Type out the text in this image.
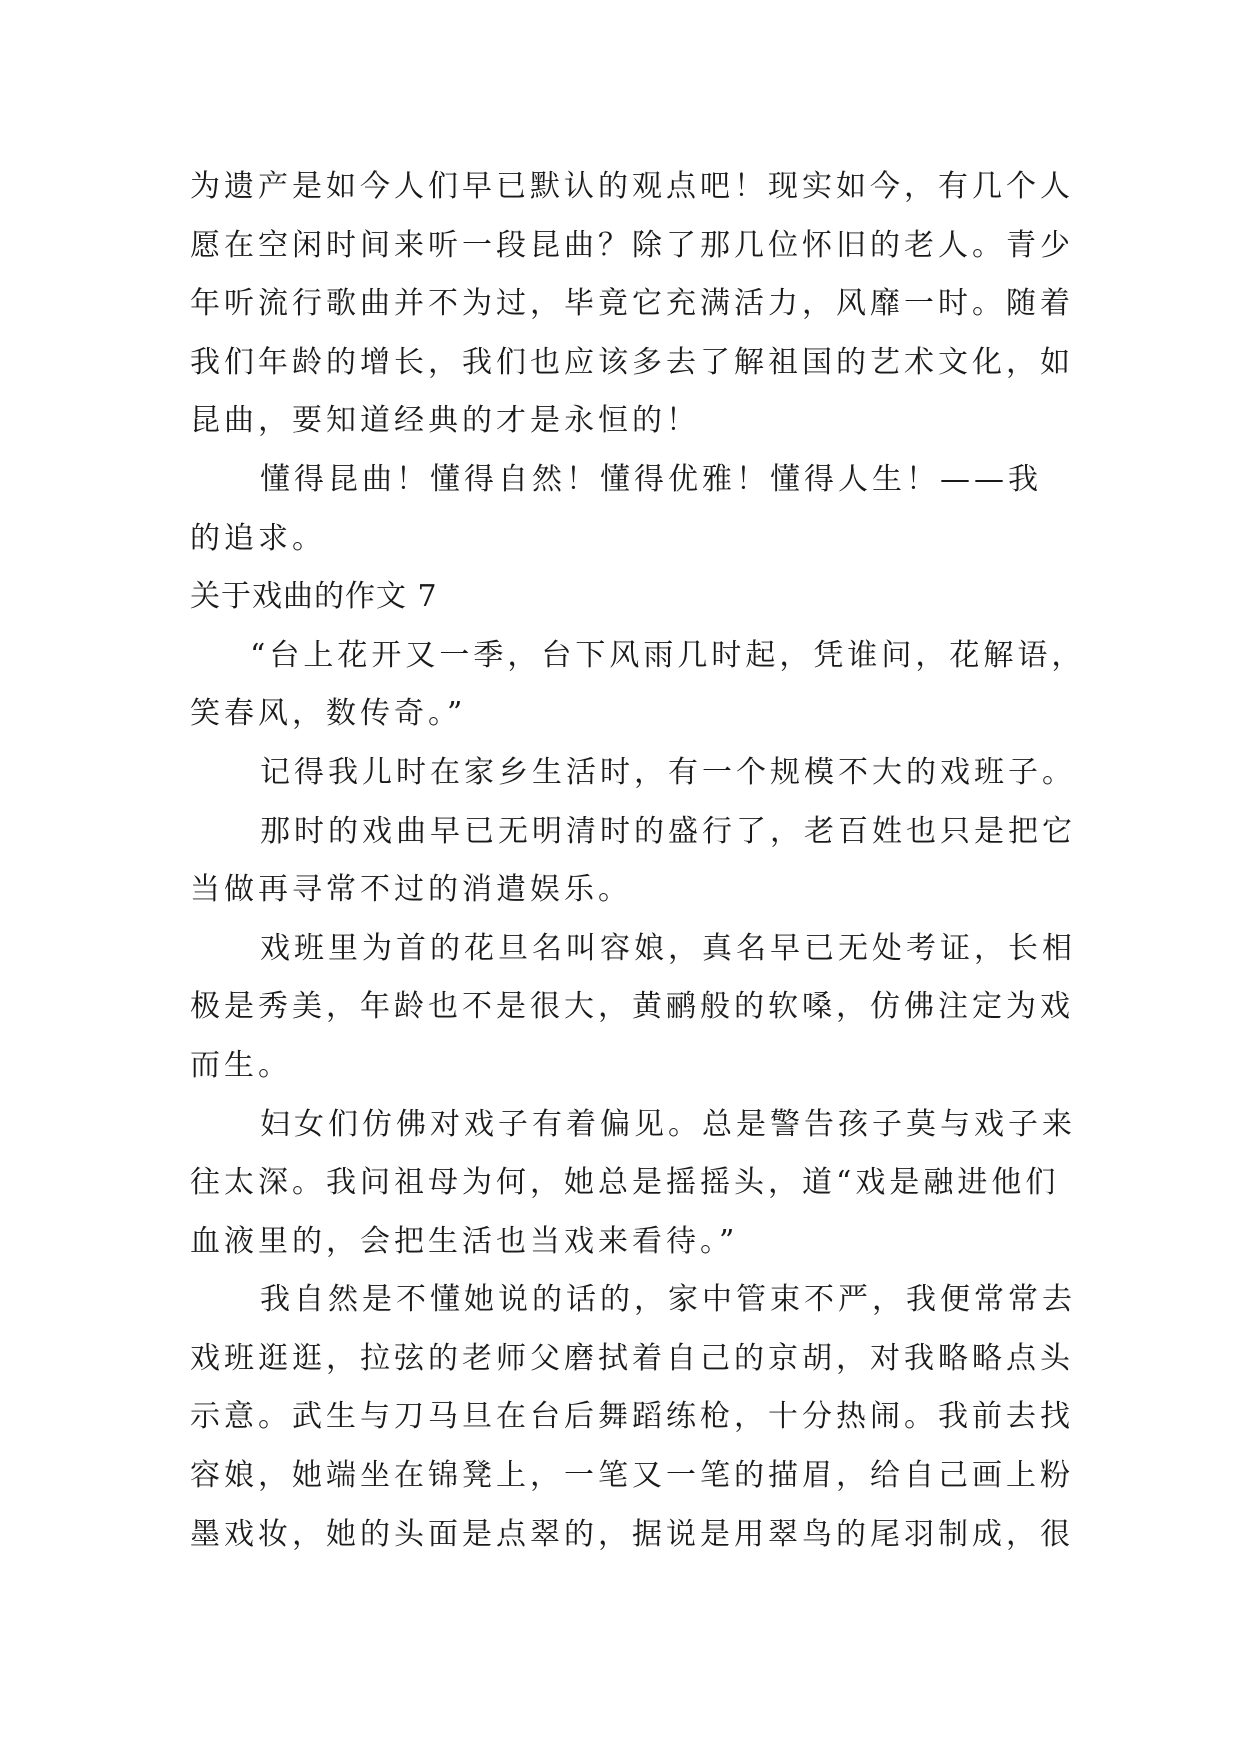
为遗产是如今人们早已默认的观点吧！现实如今，有几个人
愿在空闲时间来听一段昆曲？除了那几位怀旧的老人。青少
年听流行歌曲并不为过，毕竟它充满活力，风靡一时。随着
我们年龄的增长，我们也应该多去了解祖国的艺术文化，如
昆曲，要知道经典的才是永恒的！
懂得昆曲！懂得自然！懂得优雅！懂得人生！——我
的追求。
关于戏曲的作文 7
“台上花开又一季，台下风雨几时起，凭谁问，花解语，
笑春风，数传奇。”
记得我儿时在家乡生活时，有一个规模不大的戏班子。
那时的戏曲早已无明清时的盛行了，老百姓也只是把它
当做再寻常不过的消遣娱乐。
戏班里为首的花旦名叫容娘，真名早已无处考证，长相
极是秀美，年龄也不是很大，黄鹂般的软嗓，仿佛注定为戏
而生。
妇女们仿佛对戏子有着偏见。总是警告孩子莫与戏子来
往太深。我问祖母为何，她总是摇摇头，道“戏是融进他们
血液里的，会把生活也当戏来看待。”
我自然是不懂她说的话的，家中管束不严，我便常常去
戏班逛逛，拉弦的老师父磨拭着自己的京胡，对我略略点头
示意。武生与刀马旦在台后舞蹈练枪，十分热闹。我前去找
容娘，她端坐在锦凳上，一笔又一笔的描眉，给自己画上粉
墨戏妆，她的头面是点翠的，据说是用翠鸟的尾羽制成，很
